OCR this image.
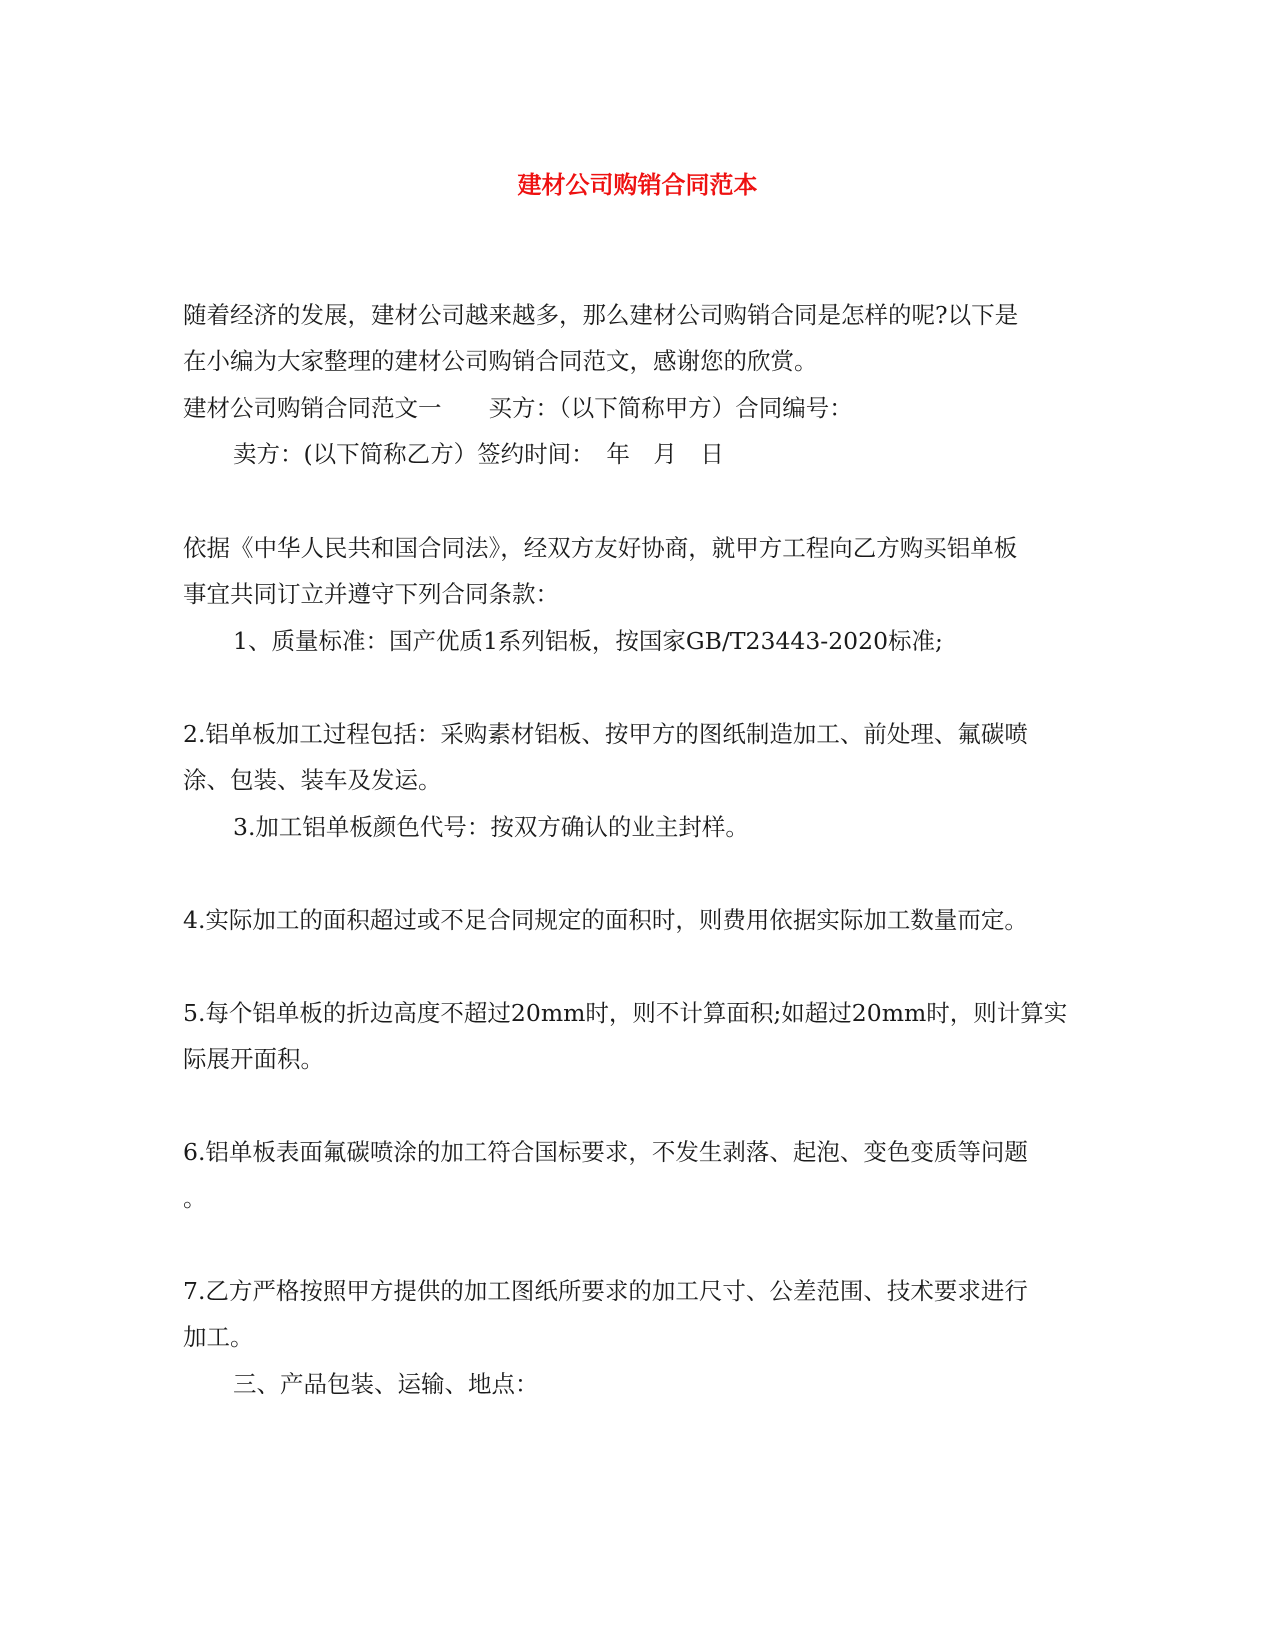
建材公司购销合同范本
随着经济的发展，建材公司越来越多，那么建材公司购销合同是怎样的呢?以下是
在小编为大家整理的建材公司购销合同范文，感谢您的欣赏。
建材公司购销合同范文一　　买方：（以下简称甲方）合同编号：
卖方：(以下简称乙方）签约时间：　年　月　日
依据《中华人民共和国合同法》，经双方友好协商，就甲方工程向乙方购买铝单板
事宜共同订立并遵守下列合同条款：
1、质量标准：国产优质1系列铝板，按国家GB/T23443-2020标准;
2.铝单板加工过程包括：采购素材铝板、按甲方的图纸制造加工、前处理、氟碳喷
涂、包装、装车及发运。
3.加工铝单板颜色代号：按双方确认的业主封样。
4.实际加工的面积超过或不足合同规定的面积时，则费用依据实际加工数量而定。
5.每个铝单板的折边高度不超过20mm时，则不计算面积;如超过20mm时，则计算实
际展开面积。
6.铝单板表面氟碳喷涂的加工符合国标要求，不发生剥落、起泡、变色变质等问题
。
7.乙方严格按照甲方提供的加工图纸所要求的加工尺寸、公差范围、技术要求进行
加工。
三、产品包装、运输、地点：
